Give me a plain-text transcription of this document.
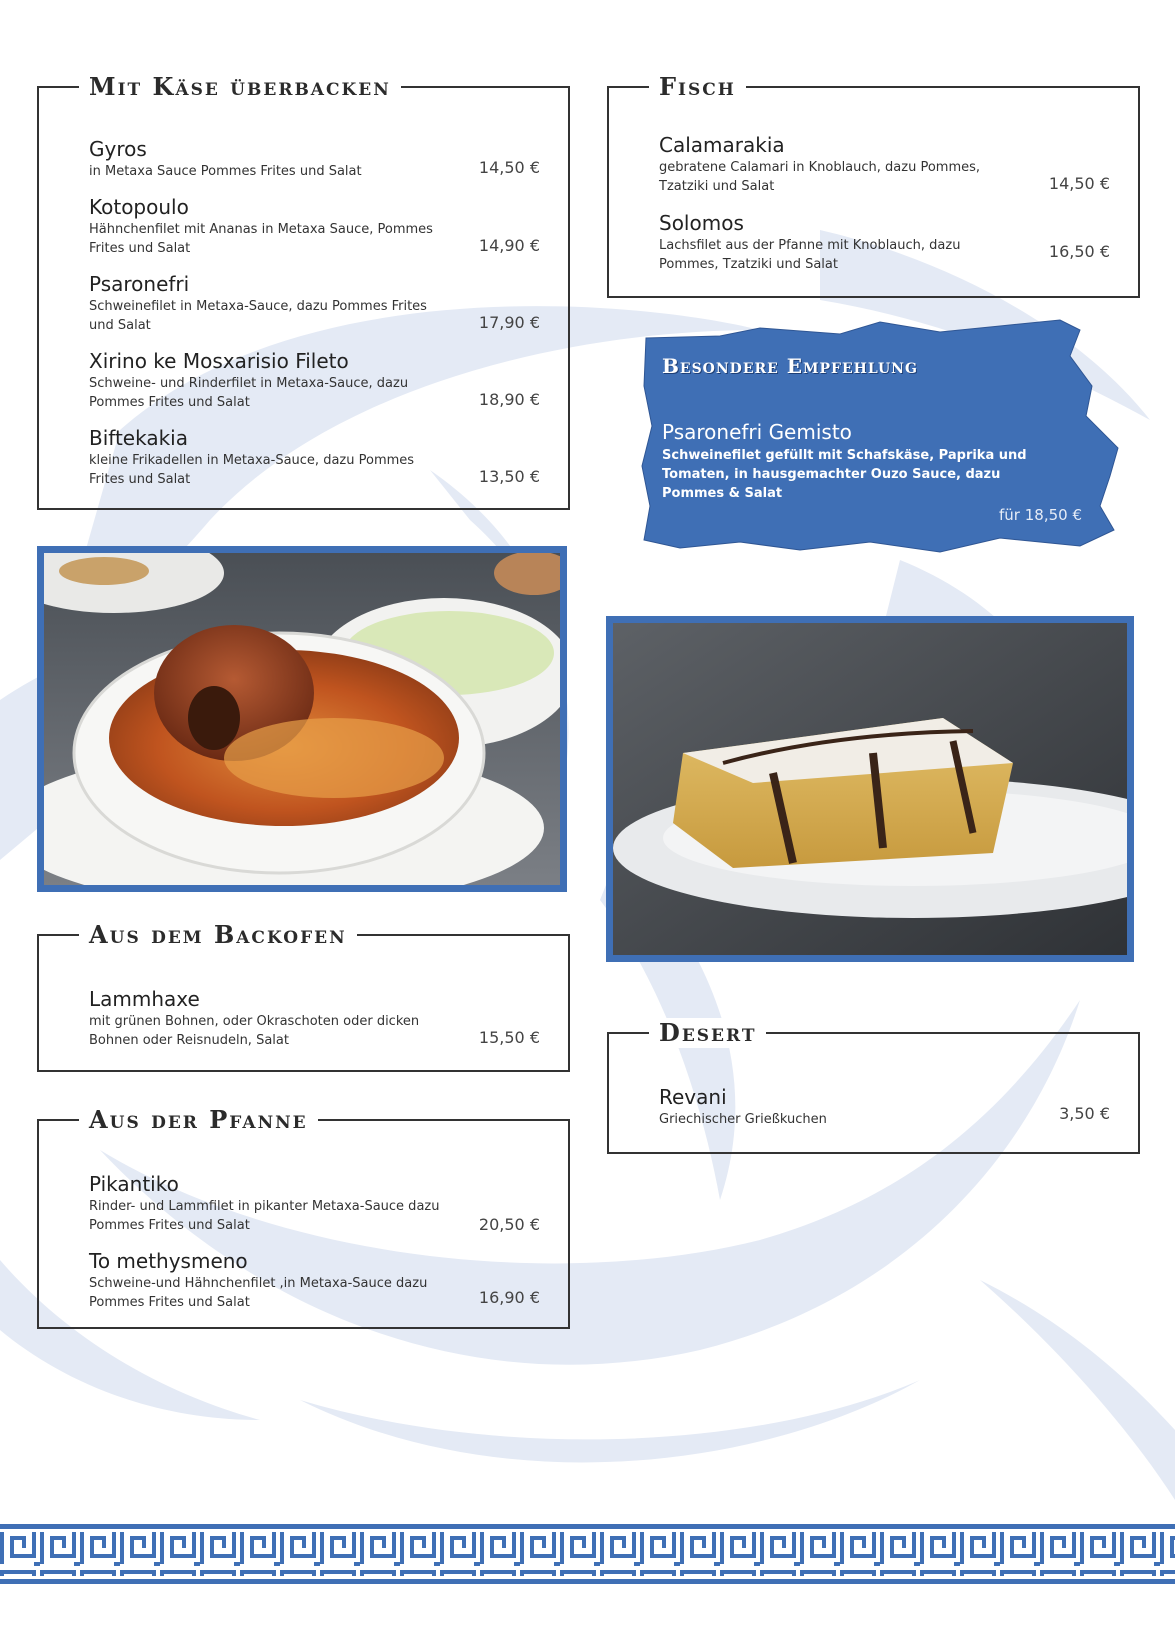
Mit Käse überbacken
Gyros
in Metaxa Sauce Pommes Frites und Salat	14,50 €
Kotopoulo
Hähnchenfilet mit Ananas in Metaxa Sauce, Pommes Frites und Salat	14,90 €
Psaronefri
Schweinefilet in Metaxa-Sauce, dazu Pommes Frites und Salat	17,90 €
Xirino ke Mosxarisio Fileto
Schweine- und Rinderfilet in Metaxa-Sauce, dazu Pommes Frites und Salat	18,90 €
Biftekakia
kleine Frikadellen in Metaxa-Sauce, dazu Pommes Frites und Salat	13,50 €
Fisch
Calamarakia
gebratene Calamari in Knoblauch, dazu Pommes, Tzatziki und Salat	14,50 €
Solomos
Lachsfilet aus der Pfanne mit Knoblauch, dazu Pommes, Tzatziki und Salat
16,50 €
Besondere Empfehlung
Psaronefri Gemisto
Schweinefilet gefüllt mit Schafskäse, Paprika und Tomaten, in hausgemachter Ouzo Sauce, dazu Pommes & Salat
für 18,50 €
Aus dem Backofen
Lammhaxe
mit grünen Bohnen, oder Okraschoten oder dicken Bohnen oder Reisnudeln, Salat	15,50 €
Aus der Pfanne
Pikantiko
Rinder- und Lammfilet in pikanter Metaxa-Sauce dazu Pommes Frites und Salat	20,50 €
To methysmeno
Schweine-und Hähnchenfilet ,in Metaxa-Sauce dazu Pommes Frites und Salat	16,90 €
Desert
Revani
Griechischer Grießkuchen	3,50 €
